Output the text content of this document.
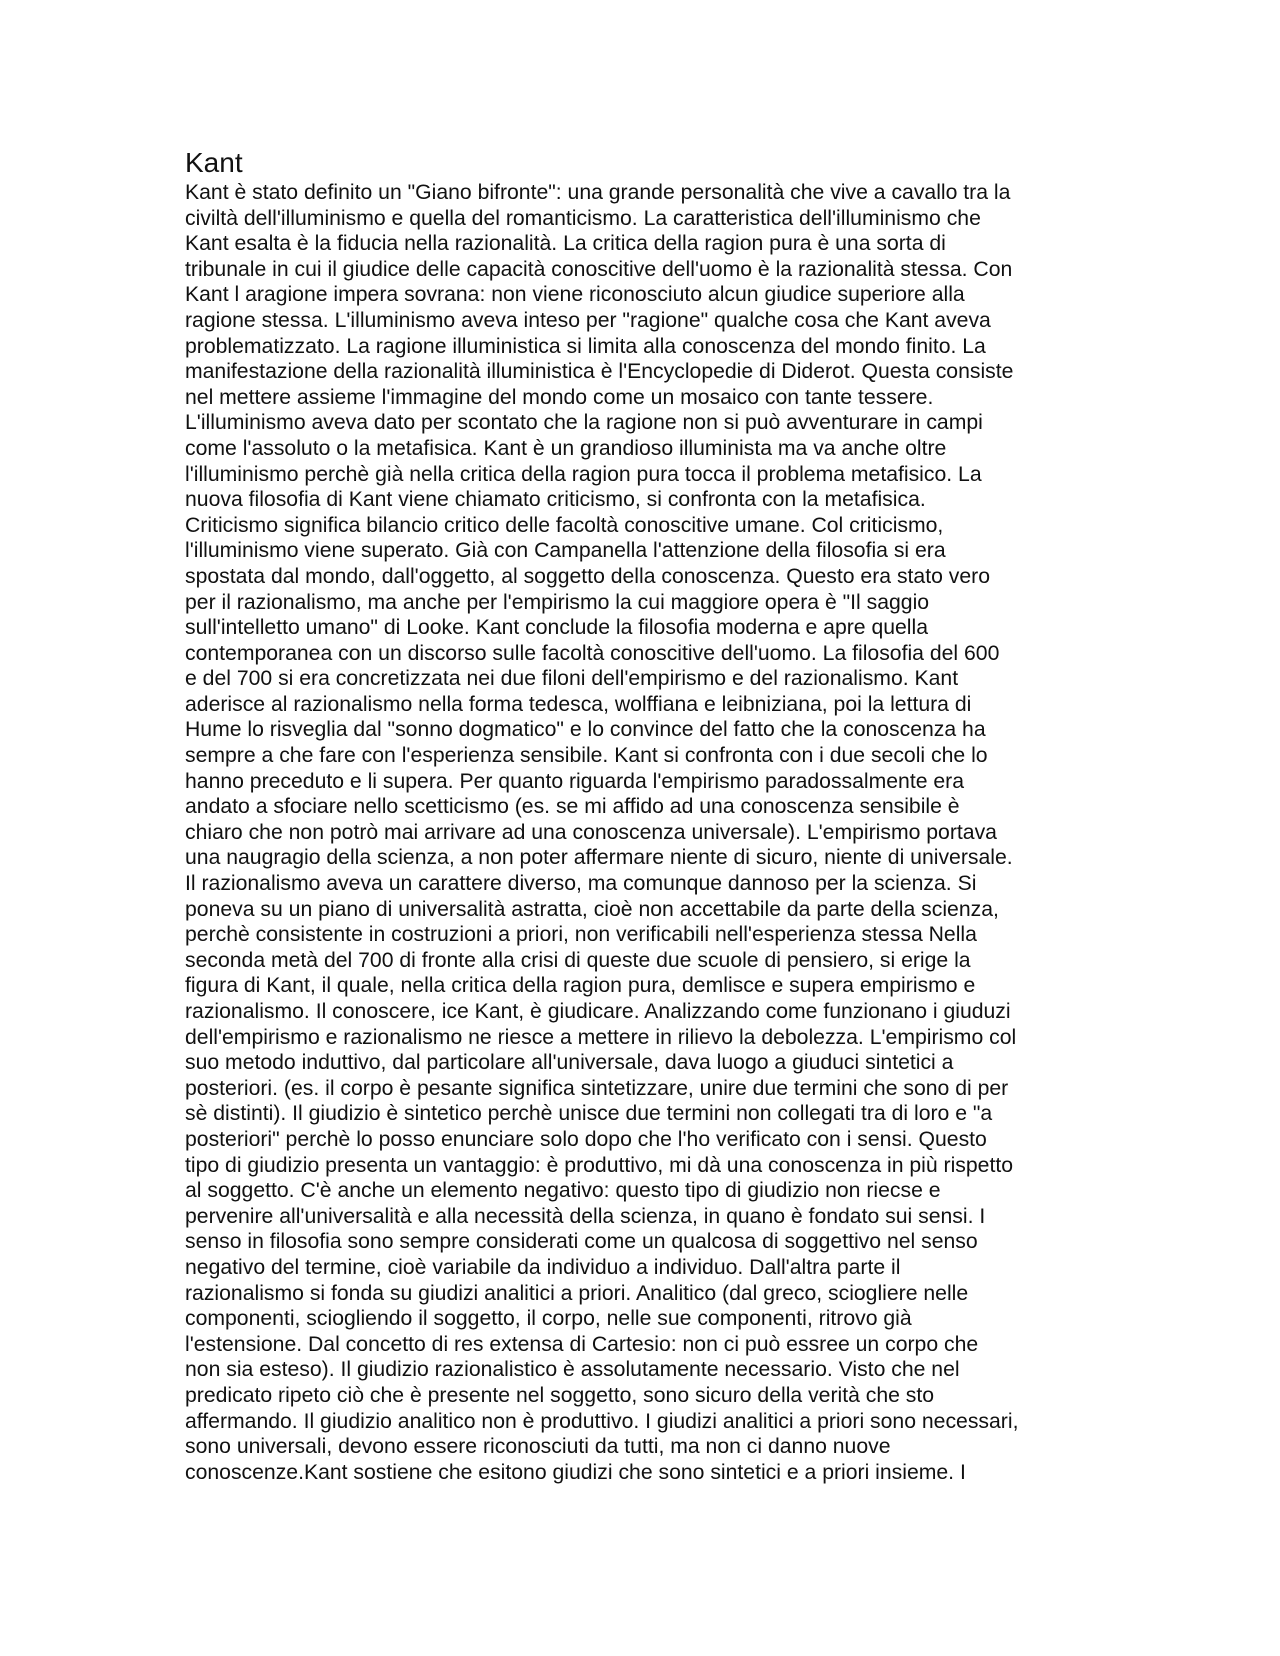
Kant
Kant è stato definito un "Giano bifronte": una grande personalità che vive a cavallo tra la
civiltà dell'illuminismo e quella del romanticismo. La caratteristica dell'illuminismo che
Kant esalta è la fiducia nella razionalità. La critica della ragion pura è una sorta di
tribunale in cui il giudice delle capacità conoscitive dell'uomo è la razionalità stessa. Con
Kant l aragione impera sovrana: non viene riconosciuto alcun giudice superiore alla
ragione stessa. L'illuminismo aveva inteso per "ragione" qualche cosa che Kant aveva
problematizzato. La ragione illuministica si limita alla conoscenza del mondo finito. La
manifestazione della razionalità illuministica è l'Encyclopedie di Diderot. Questa consiste
nel mettere assieme l'immagine del mondo come un mosaico con tante tessere.
L'illuminismo aveva dato per scontato che la ragione non si può avventurare in campi
come l'assoluto o la metafisica. Kant è un grandioso illuminista ma va anche oltre
l'illuminismo perchè già nella critica della ragion pura tocca il problema metafisico. La
nuova filosofia di Kant viene chiamato criticismo, si confronta con la metafisica.
Criticismo significa bilancio critico delle facoltà conoscitive umane. Col criticismo,
l'illuminismo viene superato. Già con Campanella l'attenzione della filosofia si era
spostata dal mondo, dall'oggetto, al soggetto della conoscenza. Questo era stato vero
per il razionalismo, ma anche per l'empirismo la cui maggiore opera è "Il saggio
sull'intelletto umano" di Looke. Kant conclude la filosofia moderna e apre quella
contemporanea con un discorso sulle facoltà conoscitive dell'uomo. La filosofia del 600
e del 700 si era concretizzata nei due filoni dell'empirismo e del razionalismo. Kant
aderisce al razionalismo nella forma tedesca, wolffiana e leibniziana, poi la lettura di
Hume lo risveglia dal "sonno dogmatico" e lo convince del fatto che la conoscenza ha
sempre a che fare con l'esperienza sensibile. Kant si confronta con i due secoli che lo
hanno preceduto e li supera. Per quanto riguarda l'empirismo paradossalmente era
andato a sfociare nello scetticismo (es. se mi affido ad una conoscenza sensibile è
chiaro che non potrò mai arrivare ad una conoscenza universale). L'empirismo portava
una naugragio della scienza, a non poter affermare niente di sicuro, niente di universale.
Il razionalismo aveva un carattere diverso, ma comunque dannoso per la scienza. Si
poneva su un piano di universalità astratta, cioè non accettabile da parte della scienza,
perchè consistente in costruzioni a priori, non verificabili nell'esperienza stessa Nella
seconda metà del 700 di fronte alla crisi di queste due scuole di pensiero, si erige la
figura di Kant, il quale, nella critica della ragion pura, demlisce e supera empirismo e
razionalismo. Il conoscere, ice Kant, è giudicare. Analizzando come funzionano i giuduzi
dell'empirismo e razionalismo ne riesce a mettere in rilievo la debolezza. L'empirismo col
suo metodo induttivo, dal particolare all'universale, dava luogo a giuduci sintetici a
posteriori. (es. il corpo è pesante significa sintetizzare, unire due termini che sono di per
sè distinti). Il giudizio è sintetico perchè unisce due termini non collegati tra di loro e "a
posteriori" perchè lo posso enunciare solo dopo che l'ho verificato con i sensi. Questo
tipo di giudizio presenta un vantaggio: è produttivo, mi dà una conoscenza in più rispetto
al soggetto. C'è anche un elemento negativo: questo tipo di giudizio non riecse e
pervenire all'universalità e alla necessità della scienza, in quano è fondato sui sensi. I
senso in filosofia sono sempre considerati come un qualcosa di soggettivo nel senso
negativo del termine, cioè variabile da individuo a individuo. Dall'altra parte il
razionalismo si fonda su giudizi analitici a priori. Analitico (dal greco, sciogliere nelle
componenti, sciogliendo il soggetto, il corpo, nelle sue componenti, ritrovo già
l'estensione. Dal concetto di res extensa di Cartesio: non ci può essree un corpo che
non sia esteso). Il giudizio razionalistico è assolutamente necessario. Visto che nel
predicato ripeto ciò che è presente nel soggetto, sono sicuro della verità che sto
affermando. Il giudizio analitico non è produttivo. I giudizi analitici a priori sono necessari,
sono universali, devono essere riconosciuti da tutti, ma non ci danno nuove
conoscenze.Kant sostiene che esitono giudizi che sono sintetici e a priori insieme. I
